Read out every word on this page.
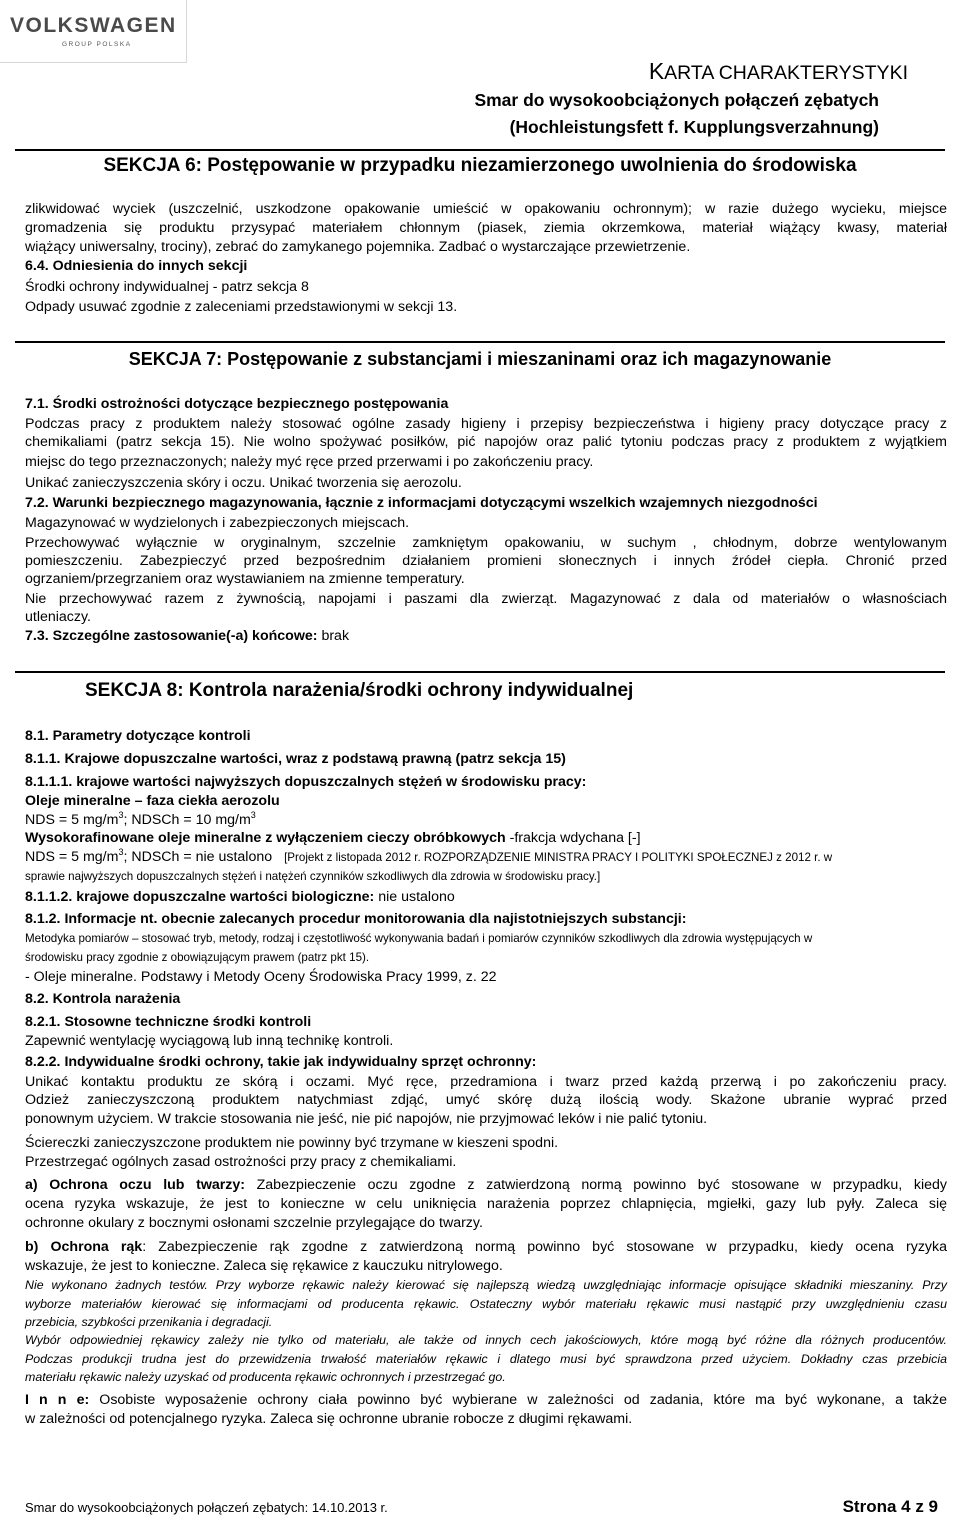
VOLKSWAGEN
GROUP POLSKA
KARTA CHARAKTERYSTYKI
Smar do wysokoobciążonych połączeń zębatych
(Hochleistungsfett f. Kupplungsverzahnung)
SEKCJA 6: Postępowanie w przypadku niezamierzonego uwolnienia do środowiska
zlikwidować wyciek (uszczelnić, uszkodzone opakowanie umieścić w opakowaniu ochronnym); w razie dużego wycieku, miejsce
gromadzenia się produktu przysypać materiałem chłonnym (piasek, ziemia okrzemkowa, materiał wiążący kwasy, materiał
wiążący uniwersalny, trociny), zebrać do zamykanego pojemnika. Zadbać o wystarczające przewietrzenie.
6.4. Odniesienia do innych sekcji
Środki ochrony indywidualnej - patrz sekcja 8
Odpady usuwać zgodnie z zaleceniami przedstawionymi w sekcji 13.
SEKCJA 7: Postępowanie z substancjami i mieszaninami oraz ich magazynowanie
7.1. Środki ostrożności dotyczące bezpiecznego postępowania
Podczas pracy z produktem należy stosować ogólne zasady higieny i przepisy bezpieczeństwa i higieny pracy dotyczące pracy z
chemikaliami (patrz sekcja 15). Nie wolno spożywać posiłków, pić napojów oraz palić tytoniu podczas pracy z produktem z wyjątkiem
miejsc do tego przeznaczonych; należy myć ręce przed przerwami i po zakończeniu pracy.
Unikać zanieczyszczenia skóry i oczu. Unikać tworzenia się aerozolu.
7.2. Warunki bezpiecznego magazynowania, łącznie z informacjami dotyczącymi wszelkich wzajemnych niezgodności
Magazynować w wydzielonych i zabezpieczonych miejscach.
Przechowywać wyłącznie w oryginalnym, szczelnie zamkniętym opakowaniu, w suchym , chłodnym, dobrze wentylowanym
pomieszczeniu. Zabezpieczyć przed bezpośrednim działaniem promieni słonecznych i innych źródeł ciepła. Chronić przed
ogrzaniem/przegrzaniem oraz wystawianiem na zmienne temperatury.
Nie przechowywać razem z żywnością, napojami i paszami dla zwierząt. Magazynować z dala od materiałów o własnościach
utleniaczy.
7.3. Szczególne zastosowanie(-a) końcowe: brak
SEKCJA 8: Kontrola narażenia/środki ochrony indywidualnej
8.1. Parametry dotyczące kontroli
8.1.1. Krajowe dopuszczalne wartości, wraz z podstawą prawną (patrz sekcja 15)
8.1.1.1. krajowe wartości najwyższych dopuszczalnych stężeń w środowisku pracy:
Oleje mineralne – faza ciekła aerozolu
NDS = 5 $mg/m^3$; NDSCh = 10 $mg/m^3$
Wysokorafinowane oleje mineralne z wyłączeniem cieczy obróbkowych -frakcja wdychana [-]
NDS = 5 $mg/m^3$; NDSCh = nie ustalono [Projekt z listopada 2012 r. ROZPORZĄDZENIE MINISTRA PRACY I POLITYKI SPOŁECZNEJ z 2012 r. w
sprawie najwyższych dopuszczalnych stężeń i natężeń czynników szkodliwych dla zdrowia w środowisku pracy.]
8.1.1.2. krajowe dopuszczalne wartości biologiczne: nie ustalono
8.1.2. Informacje nt. obecnie zalecanych procedur monitorowania dla najistotniejszych substancji:
Metodyka pomiarów – stosować tryb, metody, rodzaj i częstotliwość wykonywania badań i pomiarów czynników szkodliwych dla zdrowia występujących w
środowisku pracy zgodnie z obowiązującym prawem (patrz pkt 15).
- Oleje mineralne. Podstawy i Metody Oceny Środowiska Pracy 1999, z. 22
8.2. Kontrola narażenia
8.2.1. Stosowne techniczne środki kontroli
Zapewnić wentylację wyciągową lub inną technikę kontroli.
8.2.2. Indywidualne środki ochrony, takie jak indywidualny sprzęt ochronny:
Unikać kontaktu produktu ze skórą i oczami. Myć ręce, przedramiona i twarz przed każdą przerwą i po zakończeniu pracy.
Odzież zanieczyszczoną produktem natychmiast zdjąć, umyć skórę dużą ilością wody. Skażone ubranie wyprać przed
ponownym użyciem. W trakcie stosowania nie jeść, nie pić napojów, nie przyjmować leków i nie palić tytoniu.
Ściereczki zanieczyszczone produktem nie powinny być trzymane w kieszeni spodni.
Przestrzegać ogólnych zasad ostrożności przy pracy z chemikaliami.
a) Ochrona oczu lub twarzy: Zabezpieczenie oczu zgodne z zatwierdzoną normą powinno być stosowane w przypadku, kiedy
ocena ryzyka wskazuje, że jest to konieczne w celu uniknięcia narażenia poprzez chlapnięcia, mgiełki, gazy lub pyły. Zaleca się
ochronne okulary z bocznymi osłonami szczelnie przylegające do twarzy.
b) Ochrona rąk: Zabezpieczenie rąk zgodne z zatwierdzoną normą powinno być stosowane w przypadku, kiedy ocena ryzyka
wskazuje, że jest to konieczne. Zaleca się rękawice z kauczuku nitrylowego.
Nie wykonano żadnych testów. Przy wyborze rękawic należy kierować się najlepszą wiedzą uwzględniając informacje opisujące składniki mieszaniny. Przy
wyborze materiałów kierować się informacjami od producenta rękawic. Ostateczny wybór materiału rękawic musi nastąpić przy uwzględnieniu czasu
przebicia, szybkości przenikania i degradacji.
Wybór odpowiedniej rękawicy zależy nie tylko od materiału, ale także od innych cech jakościowych, które mogą być różne dla różnych producentów.
Podczas produkcji trudna jest do przewidzenia trwałość materiałów rękawic i dlatego musi być sprawdzona przed użyciem. Dokładny czas przebicia
materiału rękawic należy uzyskać od producenta rękawic ochronnych i przestrzegać go.
I n n e: Osobiste wyposażenie ochrony ciała powinno być wybierane w zależności od zadania, które ma być wykonane, a także
w zależności od potencjalnego ryzyka. Zaleca się ochronne ubranie robocze z długimi rękawami.
Smar do wysokoobciążonych połączeń zębatych: 14.10.2013 r.	Strona 4 z 9
